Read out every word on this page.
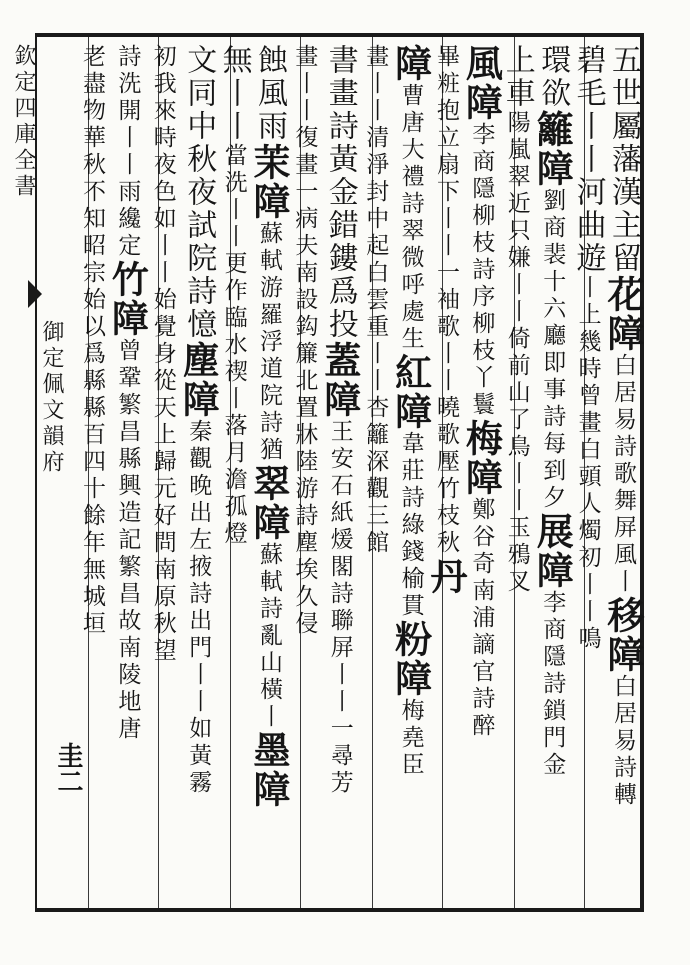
欽定四庫全書
御定佩文韻府
圭二
五世屬藩漢主留花障白居易詩歌舞屏風丨移障白居易詩轉
碧毛丨丨河曲遊丨上幾時曾畫白頭人燭初丨丨鳴
環欲籬障劉商裴十六廳即事詩每到夕展障李商隱詩鎖門金
上車陽嵐翠近只嫌丨丨倚前山了鳥丨丨玉鴉叉
風障李商隱柳枝詩序柳枝丫鬟梅障鄭谷奇南浦謫官詩醉
畢粧抱立扇下丨丨一袖歌丨丨曉歌壓竹枝秋丹
障曹唐大禮詩翠微呼處生紅障韋莊詩綠錢榆貫粉障梅堯臣
畫丨丨清淨封中起白雲重丨丨杏籬深觀三館
書畫詩黃金錯鏤爲投蓋障王安石紙煖閣詩聯屏丨丨一尋芳
畫丨丨復畫一病夫南設鈎簾北置牀陸游詩塵埃久侵
蝕風雨茉障蘇軾游羅浮道院詩猶翠障蘇軾詩亂山橫丨墨障
無丨丨當洗丨丨更作臨水禊丨落月澹孤燈
文同中秋夜試院詩憶塵障秦觀晚出左掖詩出門丨丨如黃霧
初我來時夜色如丨丨始覺身從天上歸元好問南原秋望
詩洗開丨丨雨纔定竹障曾鞏繁昌縣興造記繁昌故南陵地唐
老盡物華秋不知昭宗始以爲縣縣百四十餘年無城垣
